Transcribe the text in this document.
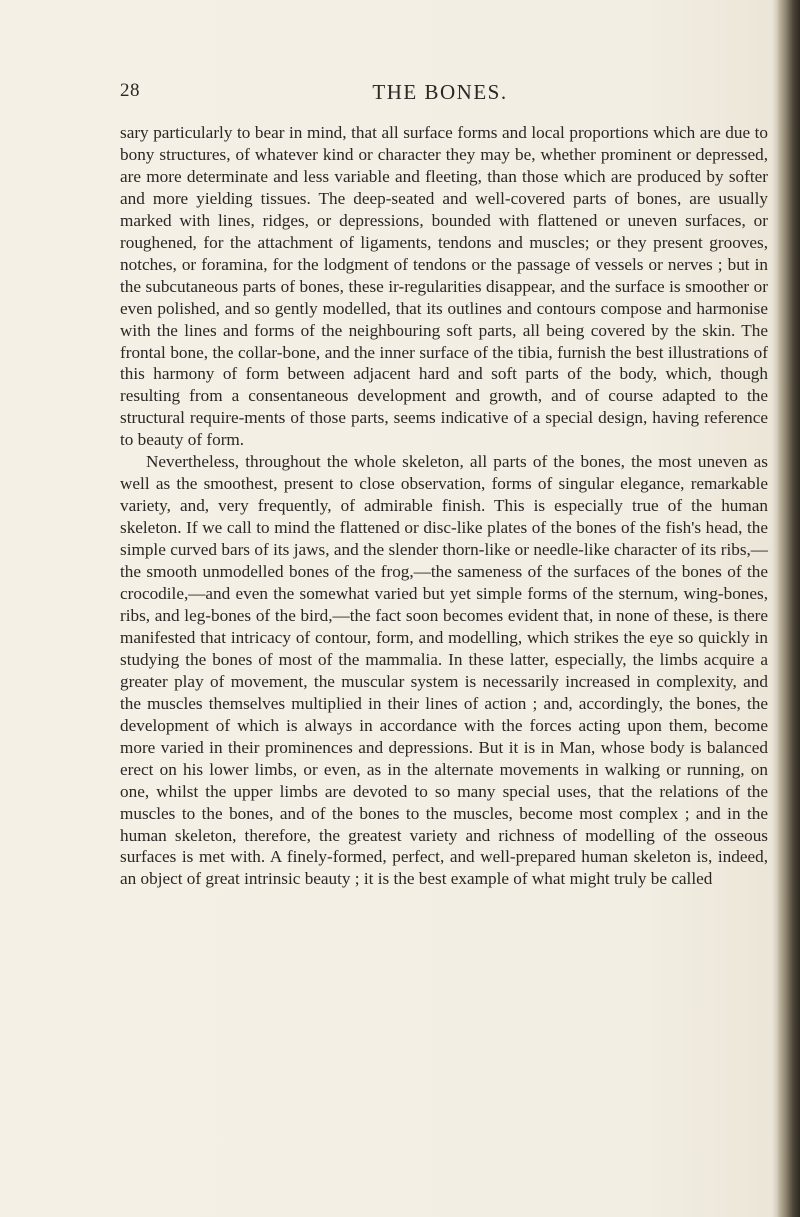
28	THE BONES.

sary particularly to bear in mind, that all surface forms and local proportions which are due to bony structures, of whatever kind or character they may be, whether prominent or depressed, are more determinate and less variable and fleeting, than those which are produced by softer and more yielding tissues. The deep-seated and well-covered parts of bones, are usually marked with lines, ridges, or depressions, bounded with flattened or uneven surfaces, or roughened, for the attachment of ligaments, tendons and muscles; or they present grooves, notches, or foramina, for the lodgment of tendons or the passage of vessels or nerves ; but in the subcutaneous parts of bones, these ir-regularities disappear, and the surface is smoother or even polished, and so gently modelled, that its outlines and contours compose and harmonise with the lines and forms of the neighbouring soft parts, all being covered by the skin. The frontal bone, the collar-bone, and the inner surface of the tibia, furnish the best illustrations of this harmony of form between adjacent hard and soft parts of the body, which, though resulting from a consentaneous development and growth, and of course adapted to the structural require-ments of those parts, seems indicative of a special design, having reference to beauty of form.

Nevertheless, throughout the whole skeleton, all parts of the bones, the most uneven as well as the smoothest, present to close observation, forms of singular elegance, remarkable variety, and, very frequently, of admirable finish. This is especially true of the human skeleton. If we call to mind the flattened or disc-like plates of the bones of the fish's head, the simple curved bars of its jaws, and the slender thorn-like or needle-like character of its ribs,—the smooth unmodelled bones of the frog,—the sameness of the surfaces of the bones of the crocodile,—and even the somewhat varied but yet simple forms of the sternum, wing-bones, ribs, and leg-bones of the bird,—the fact soon becomes evident that, in none of these, is there manifested that intricacy of contour, form, and modelling, which strikes the eye so quickly in studying the bones of most of the mammalia. In these latter, especially, the limbs acquire a greater play of movement, the muscular system is necessarily increased in complexity, and the muscles themselves multiplied in their lines of action ; and, accordingly, the bones, the development of which is always in accordance with the forces acting upon them, become more varied in their prominences and depressions. But it is in Man, whose body is balanced erect on his lower limbs, or even, as in the alternate movements in walking or running, on one, whilst the upper limbs are devoted to so many special uses, that the relations of the muscles to the bones, and of the bones to the muscles, become most complex ; and in the human skeleton, therefore, the greatest variety and richness of modelling of the osseous surfaces is met with. A finely-formed, perfect, and well-prepared human skeleton is, indeed, an object of great intrinsic beauty ; it is the best example of what might truly be called
